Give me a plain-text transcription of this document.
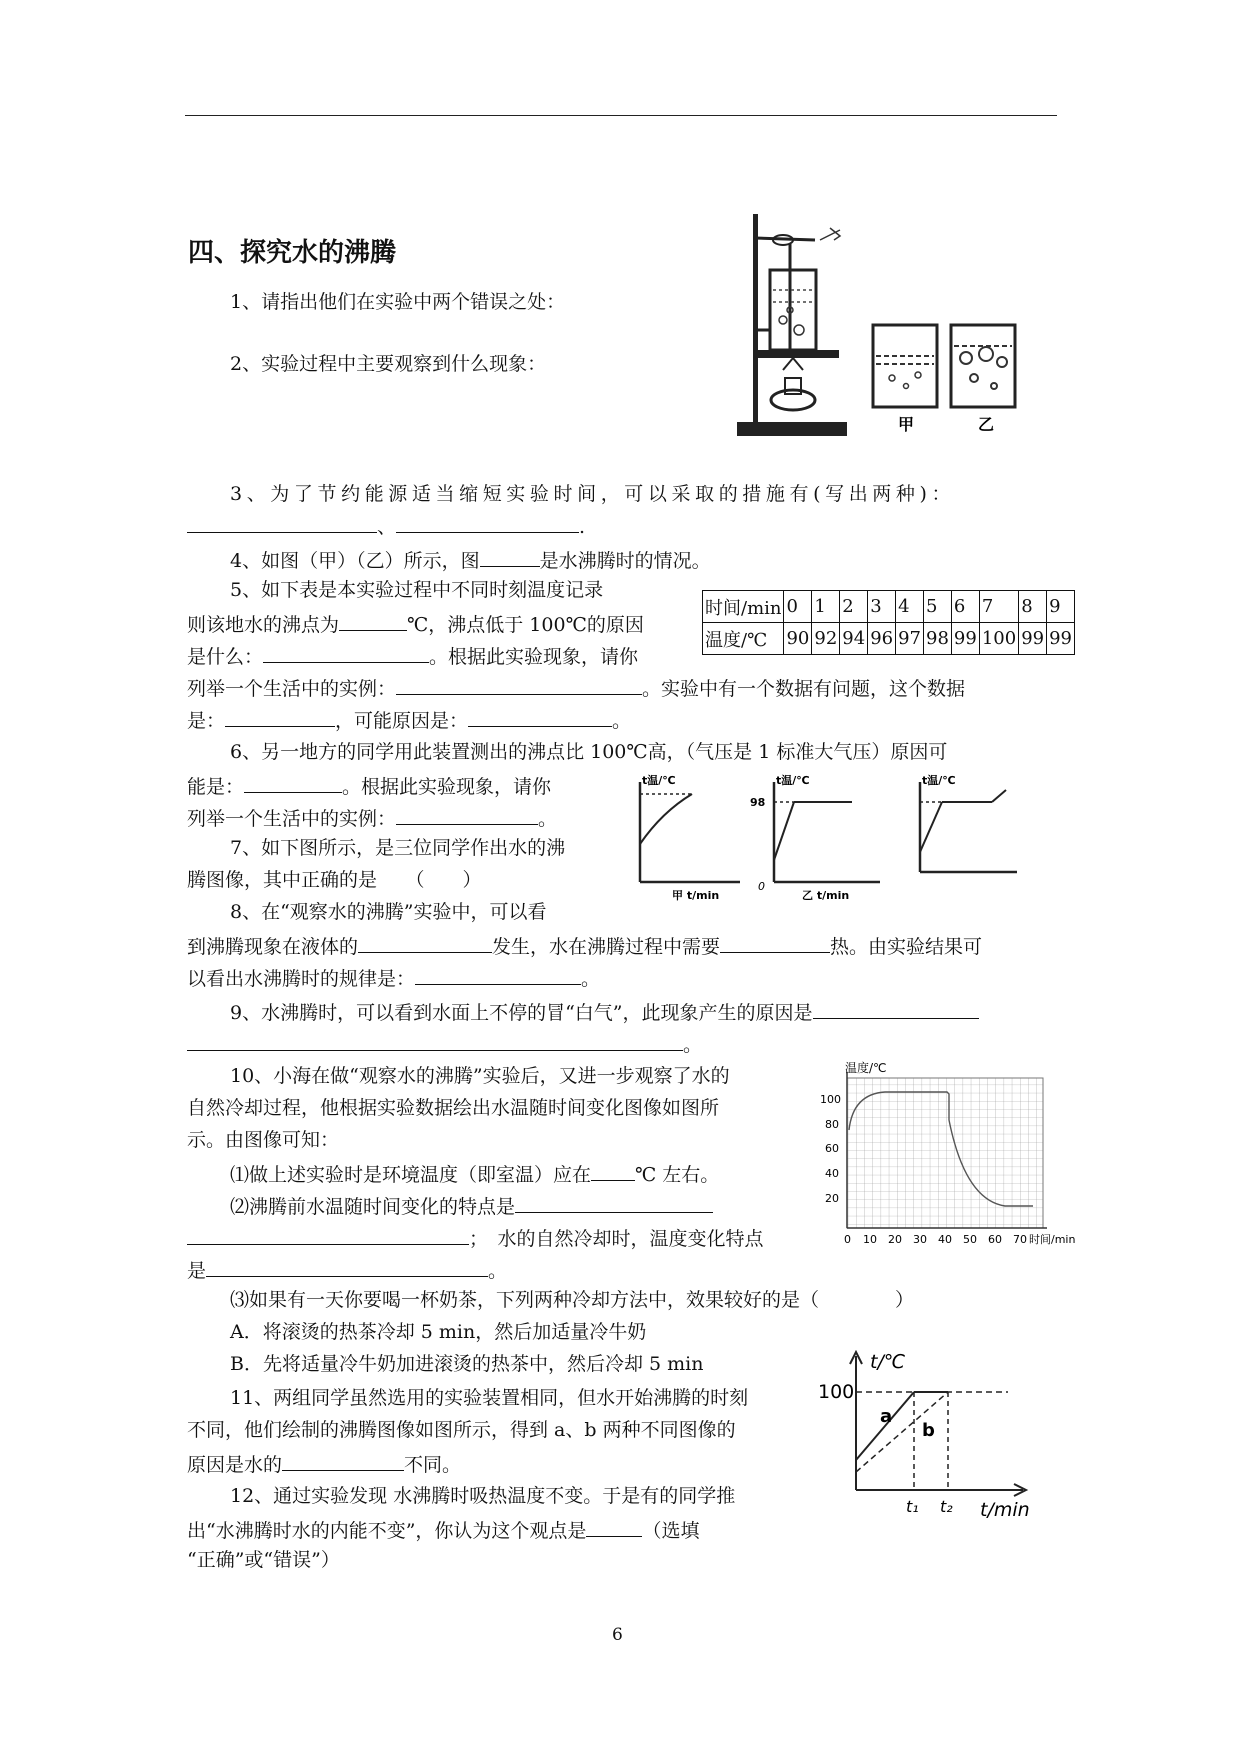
四、探究水的沸腾
1、请指出他们在实验中两个错误之处：
2、实验过程中主要观察到什么现象：
甲	乙
3、为了节约能源适当缩短实验时间，可以采取的措施有(写出两种)：
、	.
4、如图（甲）（乙）所示，图	是水沸腾时的情况。
5、如下表是本实验过程中不同时刻温度记录
则该地水的沸点为	℃，沸点低于 100℃的原因
是什么：	。根据此实验现象，请你
列举一个生活中的实例：	。实验中有一个数据有问题，这个数据
是：	，可能原因是：	。
时间/min	0	1	2	3	4	5	6	7	8	9
温度/℃	90	92	94	96	97	98	99	100	99	99
6、另一地方的同学用此装置测出的沸点比 100℃高，（气压是 1 标准大气压）原因可
能是：	。根据此实验现象，请你
列举一个生活中的实例：	。
t温/℃
甲 t/min
t温/℃
98
0
乙 t/min
t温/℃
7、如下图所示，是三位同学作出水的沸
腾图像，其中正确的是　　（　　）
8、在“观察水的沸腾”实验中，可以看
到沸腾现象在液体的	发生，水在沸腾过程中需要	热。由实验结果可
以看出水沸腾时的规律是：	。
9、水沸腾时，可以看到水面上不停的冒“白气”，此现象产生的原因是
。
温度/℃
100
80
60
40
20
0 10 20 30 40 50 60 70 时间/min
10、小海在做“观察水的沸腾”实验后，又进一步观察了水的
自然冷却过程，他根据实验数据绘出水温随时间变化图像如图所
示。由图像可知：
⑴做上述实验时是环境温度（即室温）应在 ℃ 左右。
⑵沸腾前水温随时间变化的特点是
；　水的自然冷却时，温度变化特点
是	。
⑶如果有一天你要喝一杯奶茶，下列两种冷却方法中，效果较好的是（　　　　）
A．将滚烫的热茶冷却 5 min，然后加适量冷牛奶
B．先将适量冷牛奶加进滚烫的热茶中，然后冷却 5 min
11、两组同学虽然选用的实验装置相同，但水开始沸腾的时刻
不同，他们绘制的沸腾图像如图所示，得到 a、b 两种不同图像的
原因是水的	不同。
t/℃
100
a
b
t₁ t₂ t/min
12、通过实验发现 水沸腾时吸热温度不变。于是有的同学推
出“水沸腾时水的内能不变”，你认为这个观点是	（选填
“正确”或“错误”）
6
